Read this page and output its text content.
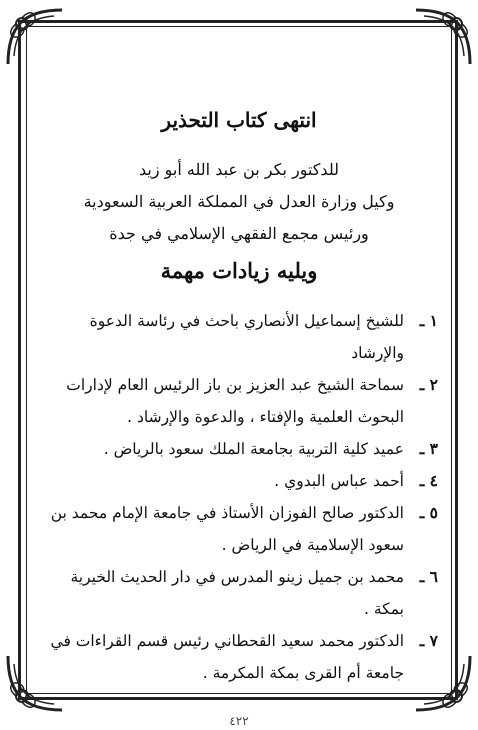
انتهى كتاب التحذير

للدكتور بكر بن عبد الله أبو زيد

وكيل وزارة العدل في المملكة العربية السعودية

ورئيس مجمع الفقهي الإسلامي في جدة

ويليه زيادات مهمة
١ ـ
للشيخ إسماعيل الأنصاري باحث في رئاسة الدعوة والإرشاد
٢ ـ
سماحة الشيخ عبد العزيز بن باز الرئيس العام لإدارات البحوث العلمية والإفتاء ، والدعوة والإرشاد .
٣ ـ
عميد كلية التربية بجامعة الملك سعود بالرياض .
٤ ـ
أحمد عباس البدوي .
٥ ـ
الدكتور صالح الفوزان الأستاذ في جامعة الإمام محمد بن سعود الإسلامية في الرياض .
٦ ـ
محمد بن جميل زينو المدرس في دار الحديث الخيرية بمكة .
٧ ـ
الدكتور محمد سعيد القحطاني رئيس قسم القراءات في جامعة أم القرى بمكة المكرمة .
٤٢٢
